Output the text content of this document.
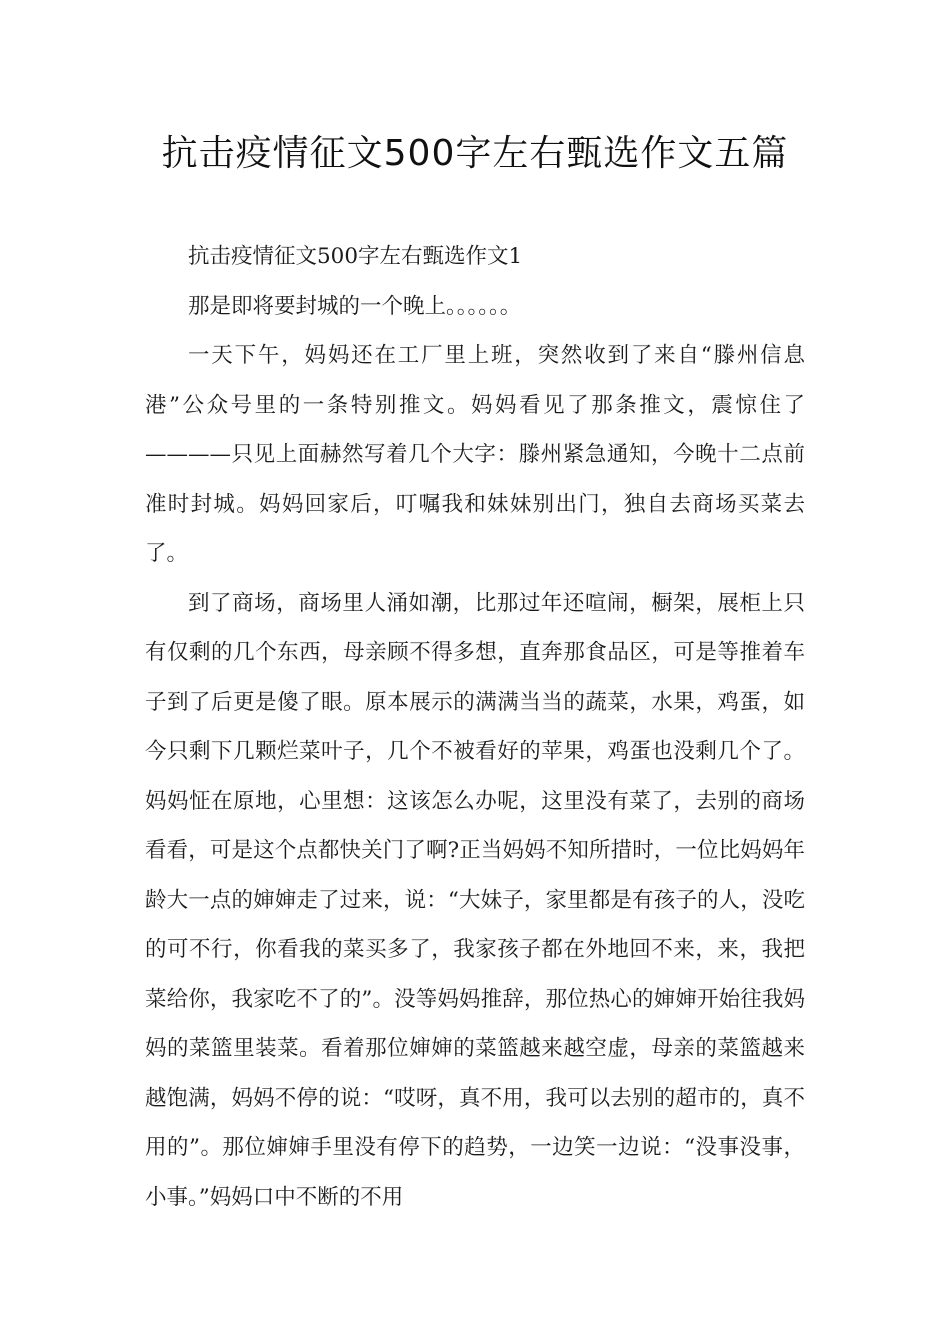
抗击疫情征文500字左右甄选作文五篇

抗击疫情征文500字左右甄选作文1

那是即将要封城的一个晚上。。。。。。

一天下午，妈妈还在工厂里上班，突然收到了来自“滕州信息港”公众号里的一条特别推文。妈妈看见了那条推文，震惊住了————只见上面赫然写着几个大字：滕州紧急通知，今晚十二点前准时封城。妈妈回家后，叮嘱我和妹妹别出门，独自去商场买菜去了。

到了商场，商场里人涌如潮，比那过年还喧闹，橱架，展柜上只有仅剩的几个东西，母亲顾不得多想，直奔那食品区，可是等推着车子到了后更是傻了眼。原本展示的满满当当的蔬菜，水果，鸡蛋，如今只剩下几颗烂菜叶子，几个不被看好的苹果，鸡蛋也没剩几个了。妈妈怔在原地，心里想：这该怎么办呢，这里没有菜了，去别的商场看看，可是这个点都快关门了啊?正当妈妈不知所措时，一位比妈妈年龄大一点的婶婶走了过来，说：“大妹子，家里都是有孩子的人，没吃的可不行，你看我的菜买多了，我家孩子都在外地回不来，来，我把菜给你，我家吃不了的”。没等妈妈推辞，那位热心的婶婶开始往我妈妈的菜篮里装菜。看着那位婶婶的菜篮越来越空虚，母亲的菜篮越来越饱满，妈妈不停的说：“哎呀，真不用，我可以去别的超市的，真不用的”。那位婶婶手里没有停下的趋势，一边笑一边说：“没事没事，小事。”妈妈口中不断的不用
